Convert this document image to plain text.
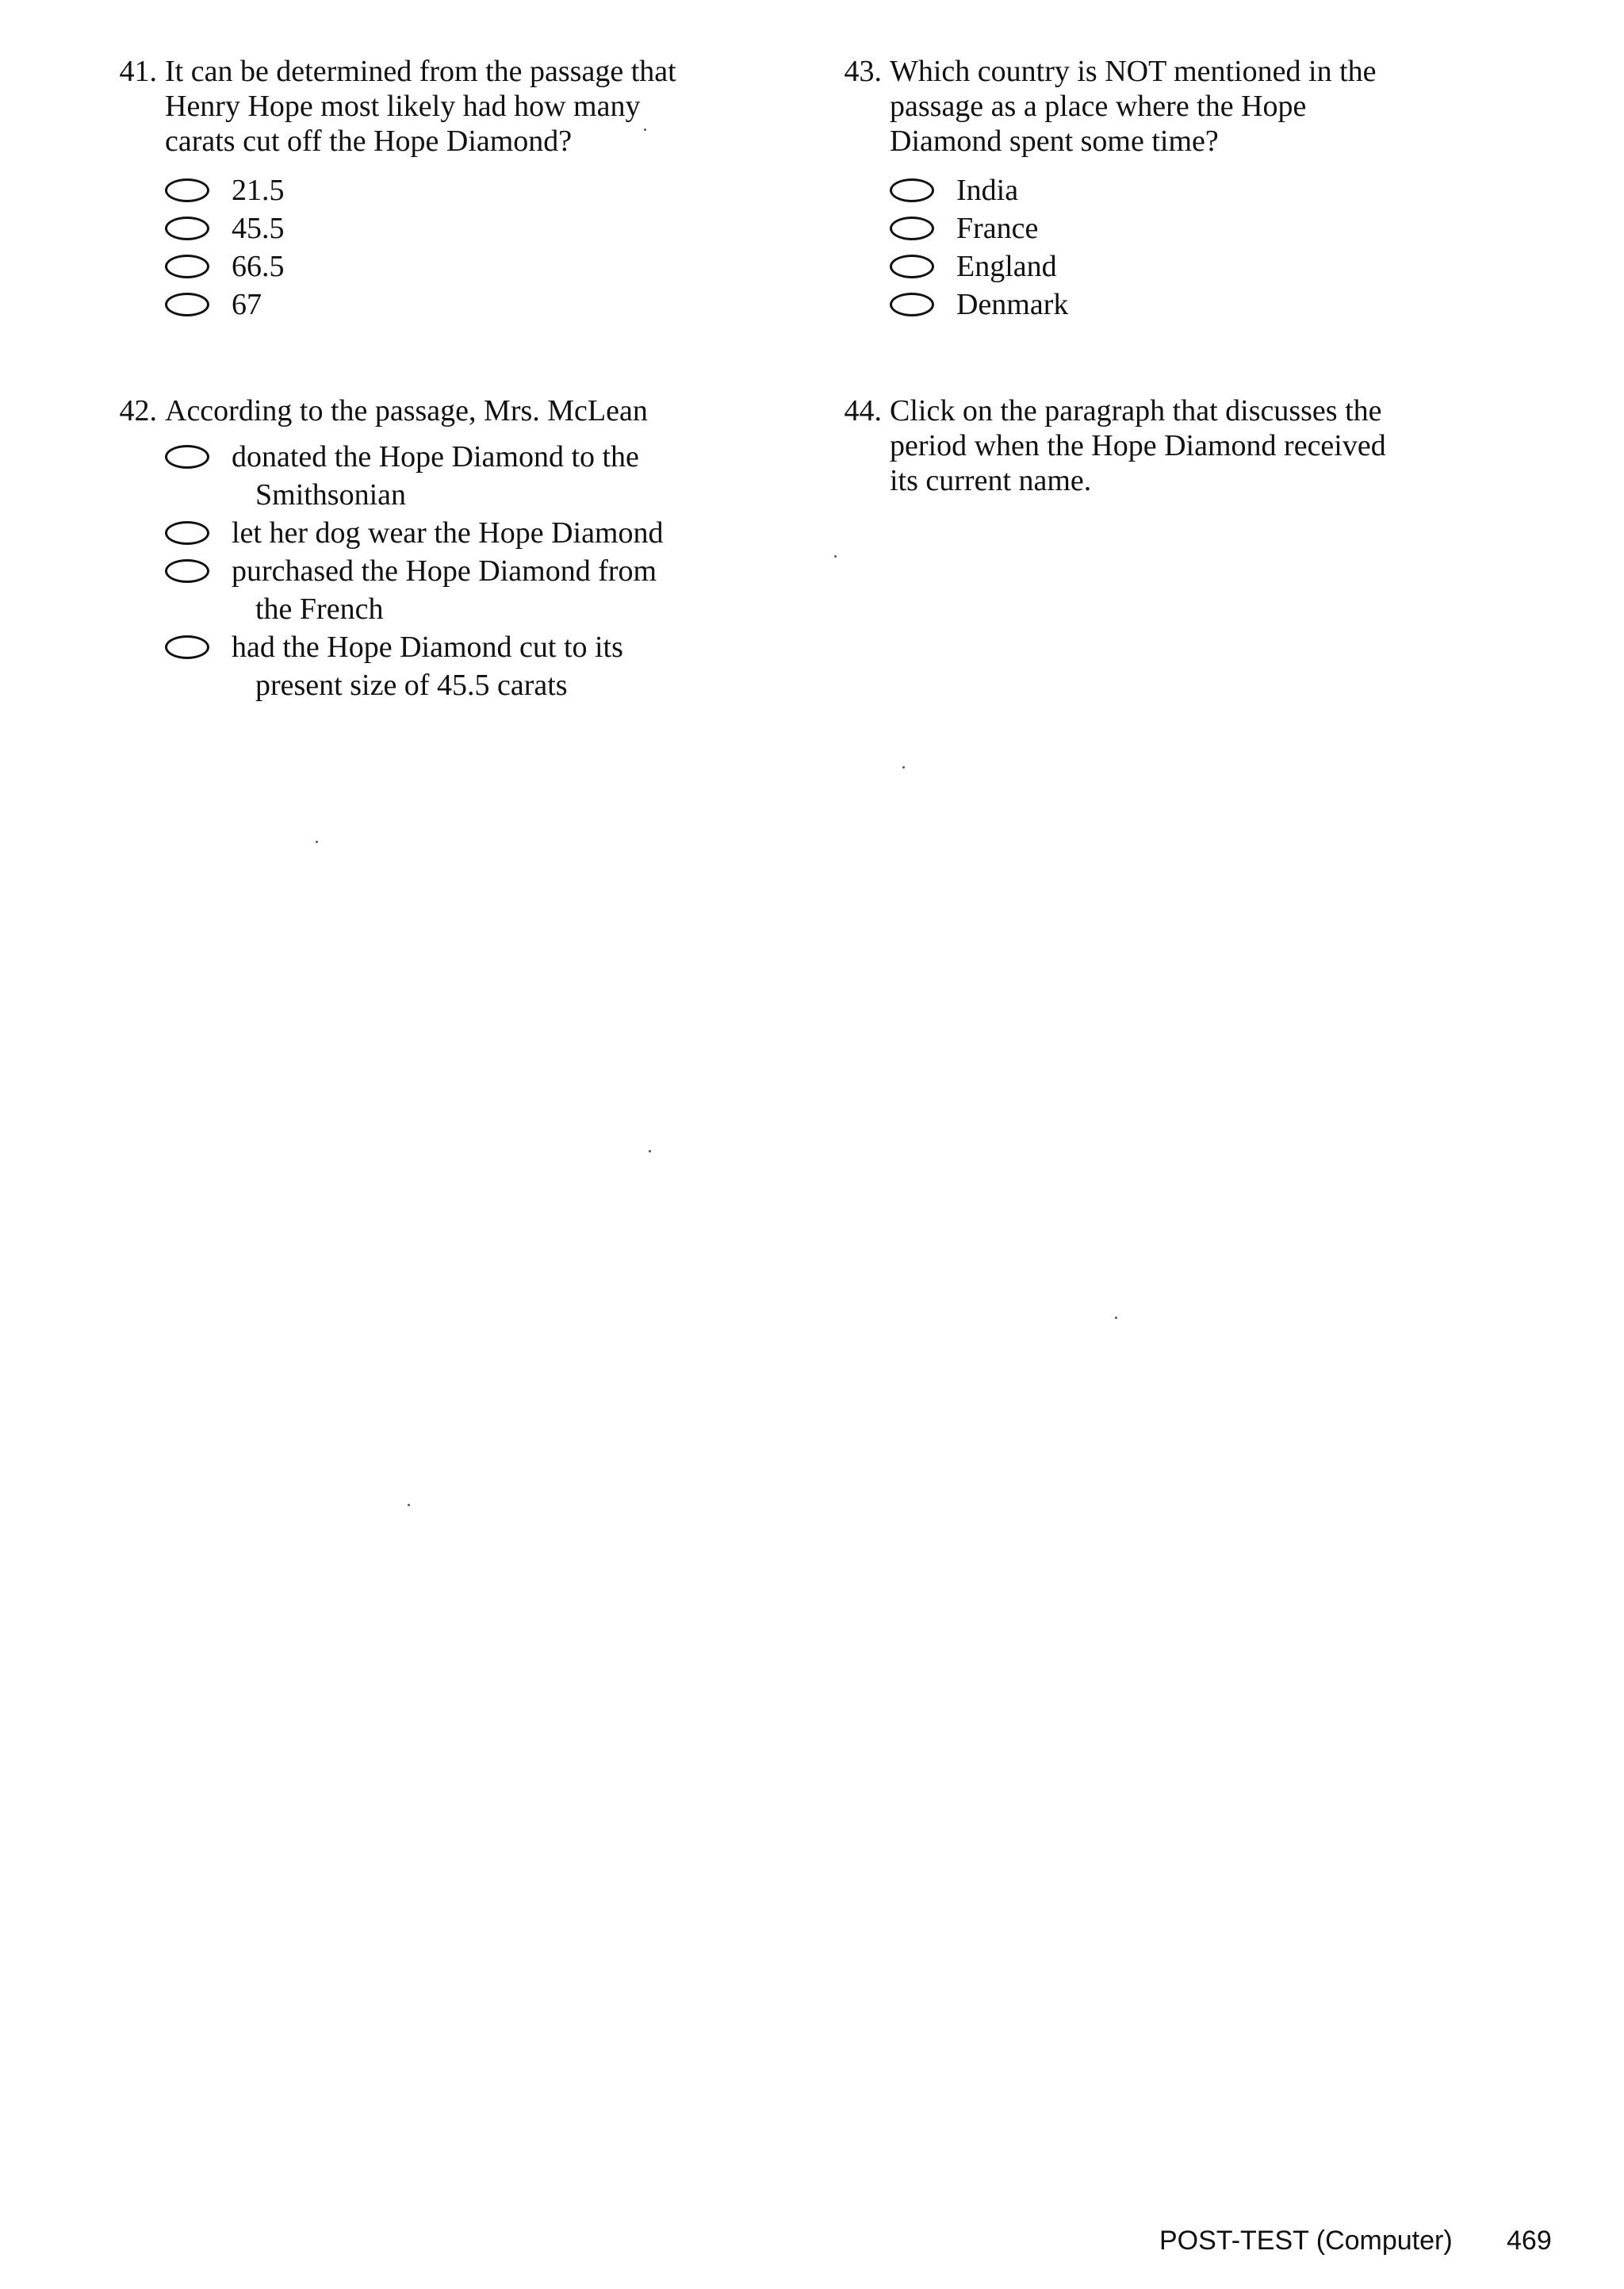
41. It can be determined from the passage that
Henry Hope most likely had how many
carats cut off the Hope Diamond?
21.5
45.5
66.5
67
42. According to the passage, Mrs. McLean
donated the Hope Diamond to the
Smithsonian
let her dog wear the Hope Diamond
purchased the Hope Diamond from
the French
had the Hope Diamond cut to its
present size of 45.5 carats
43. Which country is NOT mentioned in the
passage as a place where the Hope
Diamond spent some time?
India
France
England
Denmark
44. Click on the paragraph that discusses the
period when the Hope Diamond received
its current name.
POST-TEST (Computer) 469
